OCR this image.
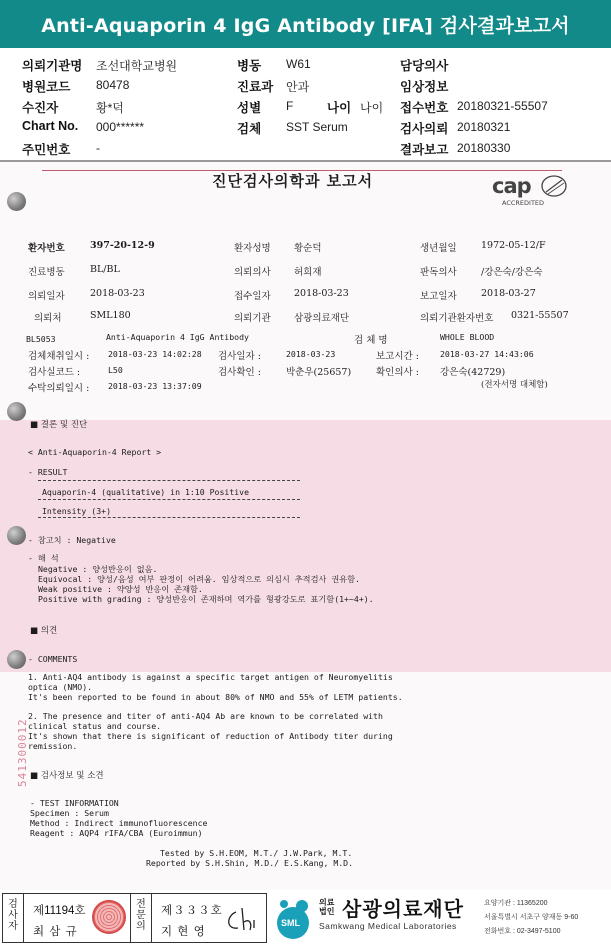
Anti-Aquaporin 4 IgG Antibody [IFA] 검사결과보고서
의뢰기관명 조선대학교병원
병원코드 80478
수진자	황*덕
Chart No. 000******
주민번호 -
병동 W61
진료과 안과
성별 F	나이 나이
검체 SST Serum
담당의사
임상정보
접수번호 20180321-55507
검사의뢰 20180321
결과보고 20180330
진단검사의학과 보고서	cap
ACCREDITED
환자번호	397-20-12-9	환자성명 황순덕	생년월일	1972-05-12/F
진료병동	BL/BL	의뢰의사 허희재	판독의사	/강은숙/강은숙
의뢰일자	2018-03-23	접수일자 2018-03-23	보고일자	2018-03-27
의뢰처	SML180	의뢰기관 삼광의료재단	의뢰기관환자번호 0321-55507
BL5053	Anti-Aquaporin 4 IgG Antibody	검 체 명	WHOLE BLOOD
검체채취일시 : 2018-03-23 14:02:28 검사일자 :	2018-03-23	보고시간 :	2018-03-27 14:43:06
검사실코드 :	L50	검사확인 :	박춘우(25657)	확인의사 : 강은숙(42729)
수탁의뢰일시 : 2018-03-23 13:37:09	(전자서명 대체함)
■ 결론 및 진단
< Anti-Aquaporin-4 Report >
- RESULT
Aquaporin-4 (qualitative) in 1:10 Positive
Intensity (3+)
- 참고치 : Negative
- 해 석
Negative : 양성반응이 없음.
Equivocal : 양성/음성 여부 판정이 어려움. 임상적으로 의심시 추적검사 권유함.
Weak positive : 약양성 반응이 존재함.
Positive with grading : 양성반응이 존재하며 역가를 형광강도로 표기함(1+~4+).
■ 의견
- COMMENTS
1. Anti-AQ4 antibody is against a specific target antigen of Neuromyelitis
optica (NMO).
It's been reported to be found in about 80% of NMO and 55% of LETM patients.
2. The presence and titer of anti-AQ4 Ab are known to be correlated with
clinical status and course.
It's shown that there is significant of reduction of Antibody titer during
remission.
■ 검사정보 및 소견
- TEST INFORMATION
Specimen : Serum
Method : Indirect immunofluorescence
Reagent : AQP4 rIFA/CBA (Euroimmun)
Tested by S.H.EOM, M.T./ J.W.Park, M.T.
Reported by S.H.Shin, M.D./ E.S.Kang, M.D.
541300012
검사자
제11194호
최 삼 규
전문의
제３３３호
지 현 영
SML
의료법인 삼광의료재단
Samkwang Medical Laboratories
요양기관 : 11365200
서울특별시 서초구 양재동 9-60
전화번호 : 02-3497-5100
